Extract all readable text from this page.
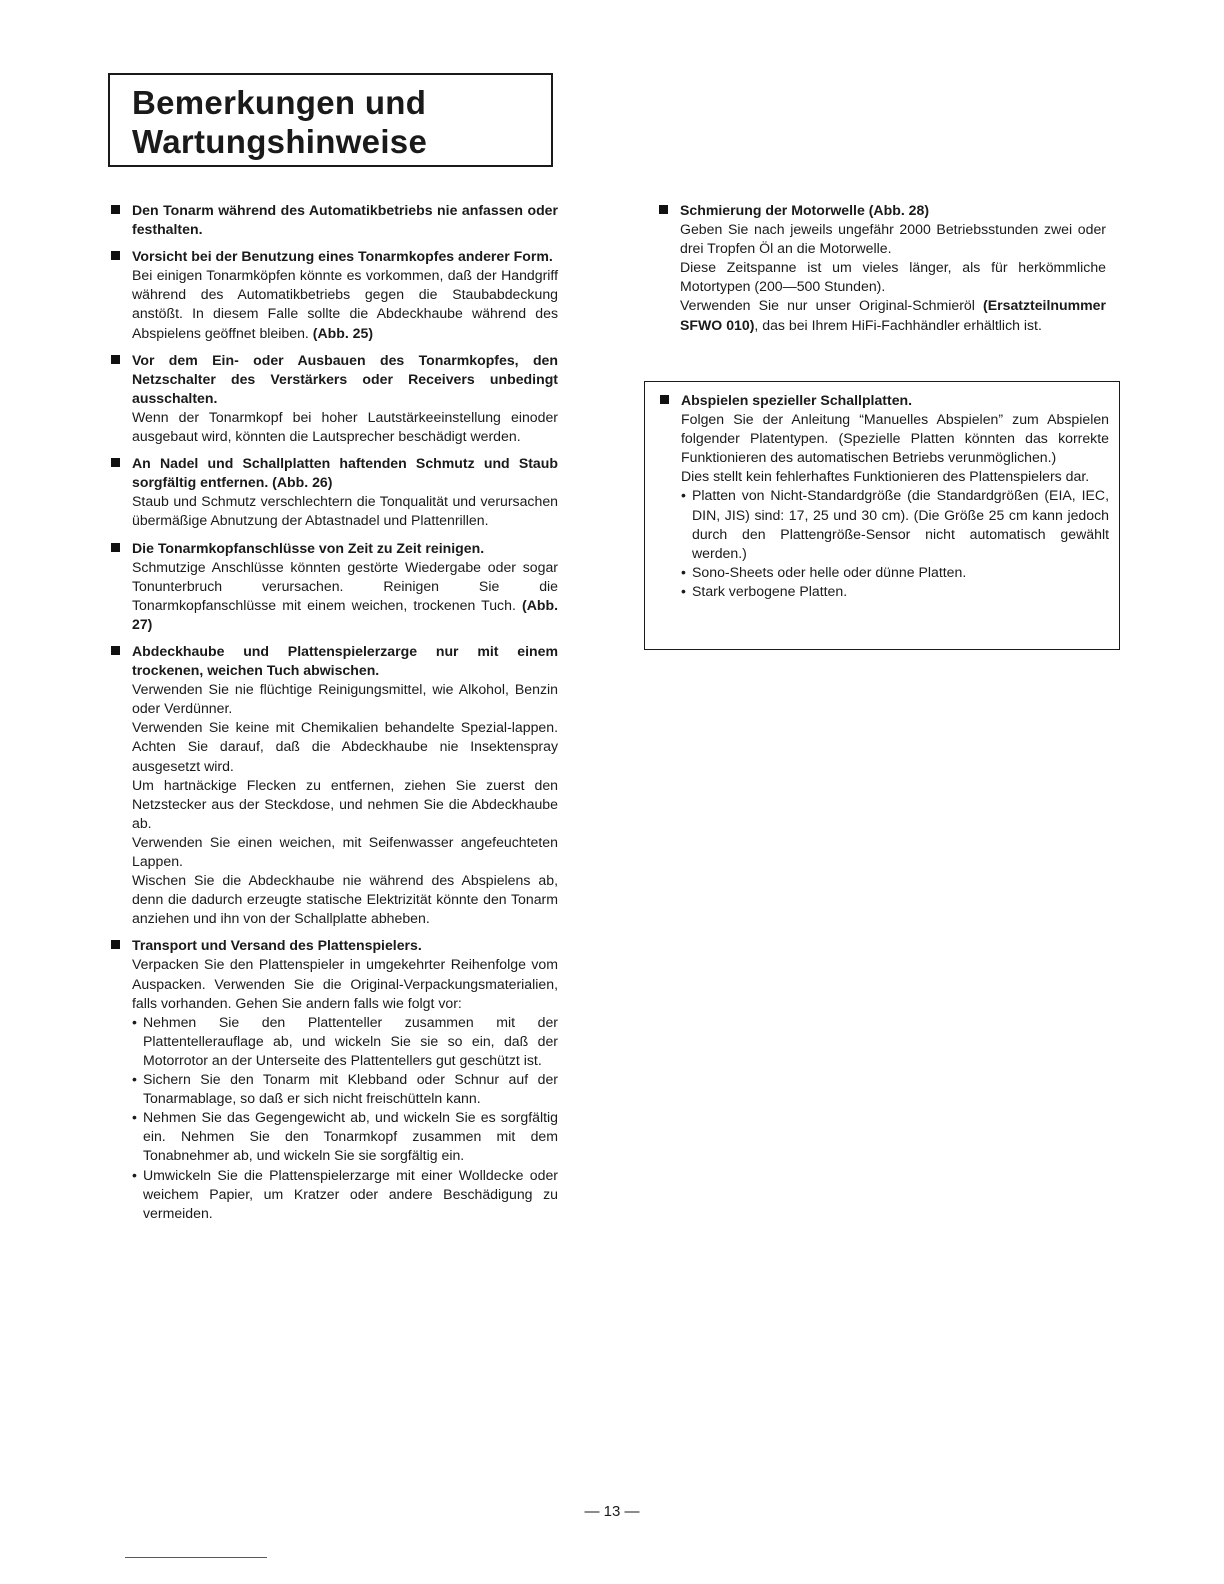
Bemerkungen und
Wartungshinweise
Den Tonarm während des Automatikbetriebs nie anfassen oder festhalten.
Vorsicht bei der Benutzung eines Tonarmkopfes anderer Form.
Bei einigen Tonarmköpfen könnte es vorkommen, daß der Handgriff während des Automatikbetriebs gegen die Staubabdeckung anstößt. In diesem Falle sollte die Abdeckhaube während des Abspielens geöffnet bleiben. (Abb. 25)
Vor dem Ein- oder Ausbauen des Tonarmkopfes, den Netzschalter des Verstärkers oder Receivers unbedingt ausschalten.
Wenn der Tonarmkopf bei hoher Lautstärkeeinstellung einoder ausgebaut wird, könnten die Lautsprecher beschädigt werden.
An Nadel und Schallplatten haftenden Schmutz und Staub sorgfältig entfernen. (Abb. 26)
Staub und Schmutz verschlechtern die Tonqualität und verursachen übermäßige Abnutzung der Abtastnadel und Plattenrillen.
Die Tonarmkopfanschlüsse von Zeit zu Zeit reinigen.
Schmutzige Anschlüsse könnten gestörte Wiedergabe oder sogar Tonunterbruch verursachen. Reinigen Sie die Tonarmkopfanschlüsse mit einem weichen, trockenen Tuch. (Abb. 27)
Abdeckhaube und Plattenspielerzarge nur mit einem trockenen, weichen Tuch abwischen.
Verwenden Sie nie flüchtige Reinigungsmittel, wie Alkohol, Benzin oder Verdünner.
Verwenden Sie keine mit Chemikalien behandelte Spezial-lappen. Achten Sie darauf, daß die Abdeckhaube nie Insektenspray ausgesetzt wird.
Um hartnäckige Flecken zu entfernen, ziehen Sie zuerst den Netzstecker aus der Steckdose, und nehmen Sie die Abdeckhaube ab.
Verwenden Sie einen weichen, mit Seifenwasser angefeuchteten Lappen.
Wischen Sie die Abdeckhaube nie während des Abspielens ab, denn die dadurch erzeugte statische Elektrizität könnte den Tonarm anziehen und ihn von der Schallplatte abheben.
Transport und Versand des Plattenspielers.
Verpacken Sie den Plattenspieler in umgekehrter Reihenfolge vom Auspacken. Verwenden Sie die Original-Verpackungsmaterialien, falls vorhanden. Gehen Sie andern falls wie folgt vor:
• Nehmen Sie den Plattenteller zusammen mit der Plattentellerauflage ab, und wickeln Sie sie so ein, daß der Motorrotor an der Unterseite des Plattentellers gut geschützt ist.
• Sichern Sie den Tonarm mit Klebband oder Schnur auf der Tonarmablage, so daß er sich nicht freischütteln kann.
• Nehmen Sie das Gegengewicht ab, und wickeln Sie es sorgfältig ein. Nehmen Sie den Tonarmkopf zusammen mit dem Tonabnehmer ab, und wickeln Sie sie sorgfältig ein.
• Umwickeln Sie die Plattenspielerzarge mit einer Wolldecke oder weichem Papier, um Kratzer oder andere Beschädigung zu vermeiden.
Schmierung der Motorwelle (Abb. 28)
Geben Sie nach jeweils ungefähr 2000 Betriebsstunden zwei oder drei Tropfen Öl an die Motorwelle.
Diese Zeitspanne ist um vieles länger, als für herkömmliche Motortypen (200—500 Stunden).
Verwenden Sie nur unser Original-Schmieröl (Ersatzteilnummer SFWO 010), das bei Ihrem HiFi-Fachhändler erhältlich ist.
Abspielen spezieller Schallplatten.
Folgen Sie der Anleitung “Manuelles Abspielen” zum Abspielen folgender Platentypen. (Spezielle Platten könnten das korrekte Funktionieren des automatischen Betriebs verunmöglichen.)
Dies stellt kein fehlerhaftes Funktionieren des Plattenspielers dar.
• Platten von Nicht-Standardgröße (die Standardgrößen (EIA, IEC, DIN, JIS) sind: 17, 25 und 30 cm). (Die Größe 25 cm kann jedoch durch den Plattengröße-Sensor nicht automatisch gewählt werden.)
• Sono-Sheets oder helle oder dünne Platten.
• Stark verbogene Platten.
— 13 —
